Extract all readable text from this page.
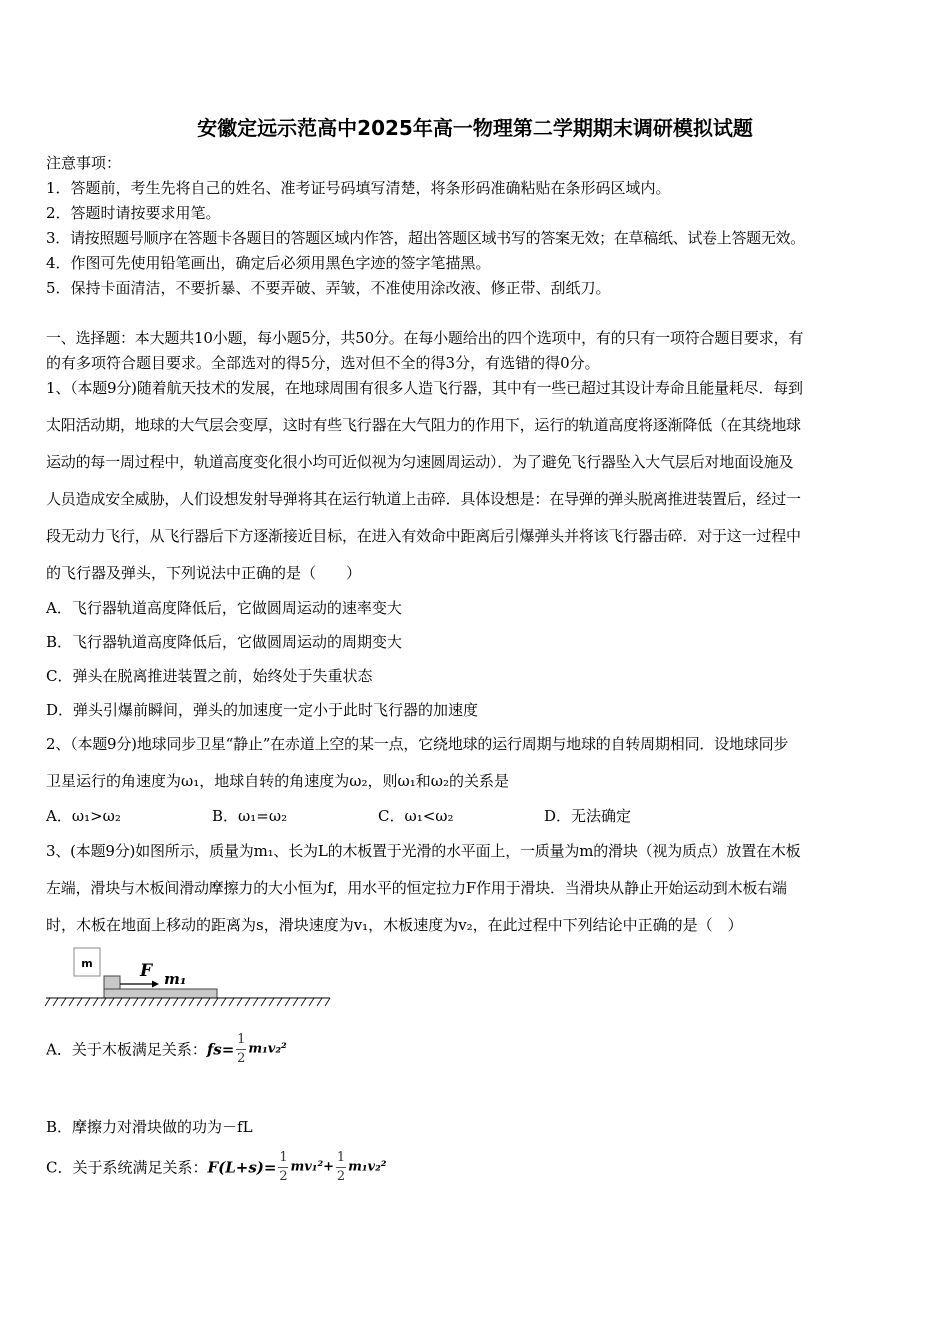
安徽定远示范高中2025年高一物理第二学期期末调研模拟试题
注意事项：
1．答题前，考生先将自己的姓名、准考证号码填写清楚，将条形码准确粘贴在条形码区域内。
2．答题时请按要求用笔。
3．请按照题号顺序在答题卡各题目的答题区域内作答，超出答题区域书写的答案无效；在草稿纸、试卷上答题无效。
4．作图可先使用铅笔画出，确定后必须用黑色字迹的签字笔描黑。
5．保持卡面清洁，不要折暴、不要弄破、弄皱，不准使用涂改液、修正带、刮纸刀。
一、选择题：本大题共10小题，每小题5分，共50分。在每小题给出的四个选项中，有的只有一项符合题目要求，有
的有多项符合题目要求。全部选对的得5分，选对但不全的得3分，有选错的得0分。
1、（本题9分)随着航天技术的发展，在地球周围有很多人造飞行器，其中有一些已超过其设计寿命且能量耗尽．每到
太阳活动期，地球的大气层会变厚，这时有些飞行器在大气阻力的作用下，运行的轨道高度将逐渐降低（在其绕地球
运动的每一周过程中，轨道高度变化很小均可近似视为匀速圆周运动）．为了避免飞行器坠入大气层后对地面设施及
人员造成安全威胁，人们设想发射导弹将其在运行轨道上击碎．具体设想是：在导弹的弹头脱离推进装置后，经过一
段无动力飞行，从飞行器后下方逐渐接近目标，在进入有效命中距离后引爆弹头并将该飞行器击碎．对于这一过程中
的飞行器及弹头，下列说法中正确的是（　　）
A．飞行器轨道高度降低后，它做圆周运动的速率变大
B．飞行器轨道高度降低后，它做圆周运动的周期变大
C．弹头在脱离推进装置之前，始终处于失重状态
D．弹头引爆前瞬间，弹头的加速度一定小于此时飞行器的加速度
2、（本题9分)地球同步卫星“静止”在赤道上空的某一点，它绕地球的运行周期与地球的自转周期相同．设地球同步
卫星运行的角速度为ω₁，地球自转的角速度为ω₂，则ω₁和ω₂的关系是
A．ω₁>ω₂	B．ω₁=ω₂	C．ω₁<ω₂	D．无法确定
3、(本题9分)如图所示，质量为m₁、长为L的木板置于光滑的水平面上，一质量为m的滑块（视为质点）放置在木板
左端，滑块与木板间滑动摩擦力的大小恒为f，用水平的恒定拉力F作用于滑块．当滑块从静止开始运动到木板右端
时，木板在地面上移动的距离为s，滑块速度为v₁，木板速度为v₂，在此过程中下列结论中正确的是（　）
m	F m₁
A．关于木板满足关系：$fs= \frac{1}{2} m_1v_2^2$
B．摩擦力对滑块做的功为－fL
C．关于系统满足关系：$F(L+s)= \frac{1}{2} mv_1^2+ \frac{1}{2} m_1v_2^2$
